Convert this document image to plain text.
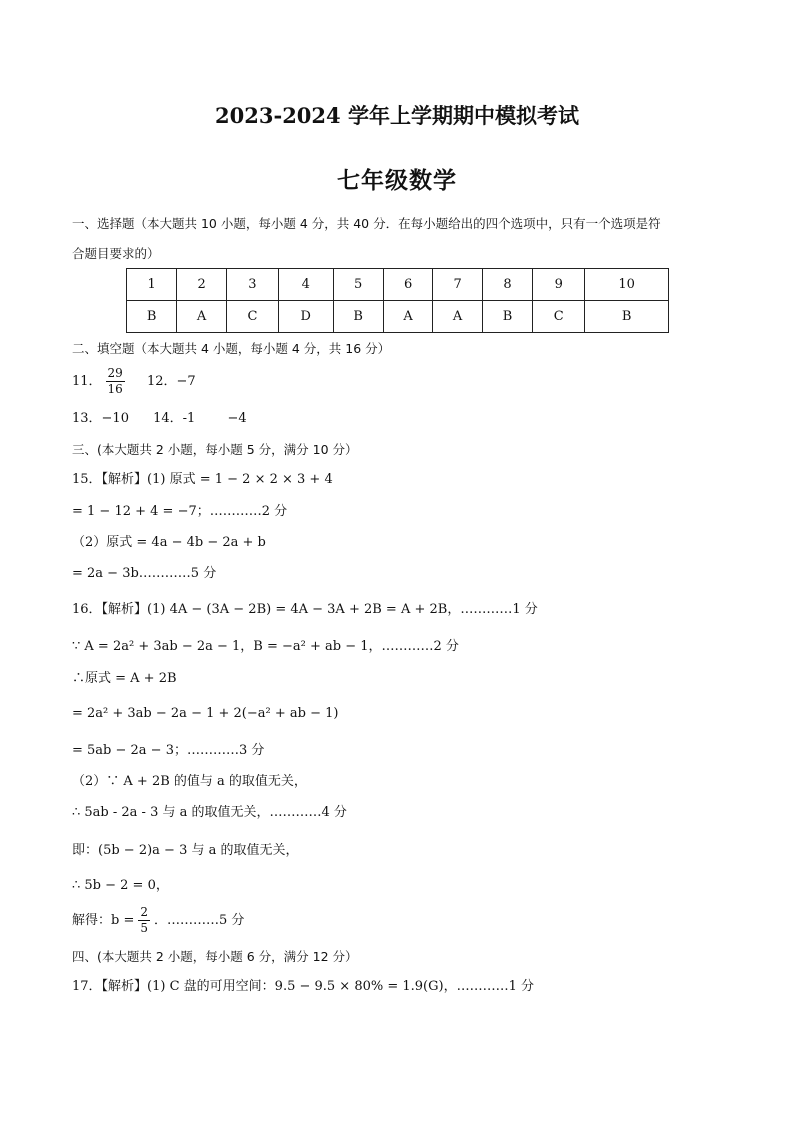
2023-2024 学年上学期期中模拟考试
七年级数学
一、选择题（本大题共 10 小题，每小题 4 分，共 40 分．在每小题给出的四个选项中，只有一个选项是符
合题目要求的）
1	2	3	4	5	6	7	8	9	10
B	A	C	D	B	A	A	B	C	B
二、填空题（本大题共 4 小题，每小题 4 分，共 16 分）
11． $\frac{29}{16} 12$．−7
13．−10 14．-1 −4
三、(本大题共 2 小题，每小题 5 分，满分 10 分）
15．【解析】(1) 原式 = 1 − 2 × 2 × 3 + 4
= 1 − 12 + 4 = −7；…………2 分
（2）原式 = 4a − 4b − 2a + b
= 2a − 3b…………5 分
16．【解析】(1) 4A − (3A − 2B) = 4A − 3A + 2B = A + 2B，…………1 分
∵ A = 2a² + 3ab − 2a − 1，B = −a² + ab − 1，…………2 分
∴原式 = A + 2B
= 2a² + 3ab − 2a − 1 + 2(−a² + ab − 1)
= 5ab − 2a − 3；…………3 分
（2）∵ A + 2B 的值与 a 的取值无关，
∴ 5ab - 2a - 3 与 a 的取值无关，…………4 分
即：(5b − 2)a − 3 与 a 的取值无关，
∴ 5b − 2 = 0，
解得：$b = \frac{2}{5}$ ．…………5 分
四、(本大题共 2 小题，每小题 6 分，满分 12 分）
17．【解析】(1) C 盘的可用空间：9.5 − 9.5 × 80% = 1.9(G)，…………1 分
